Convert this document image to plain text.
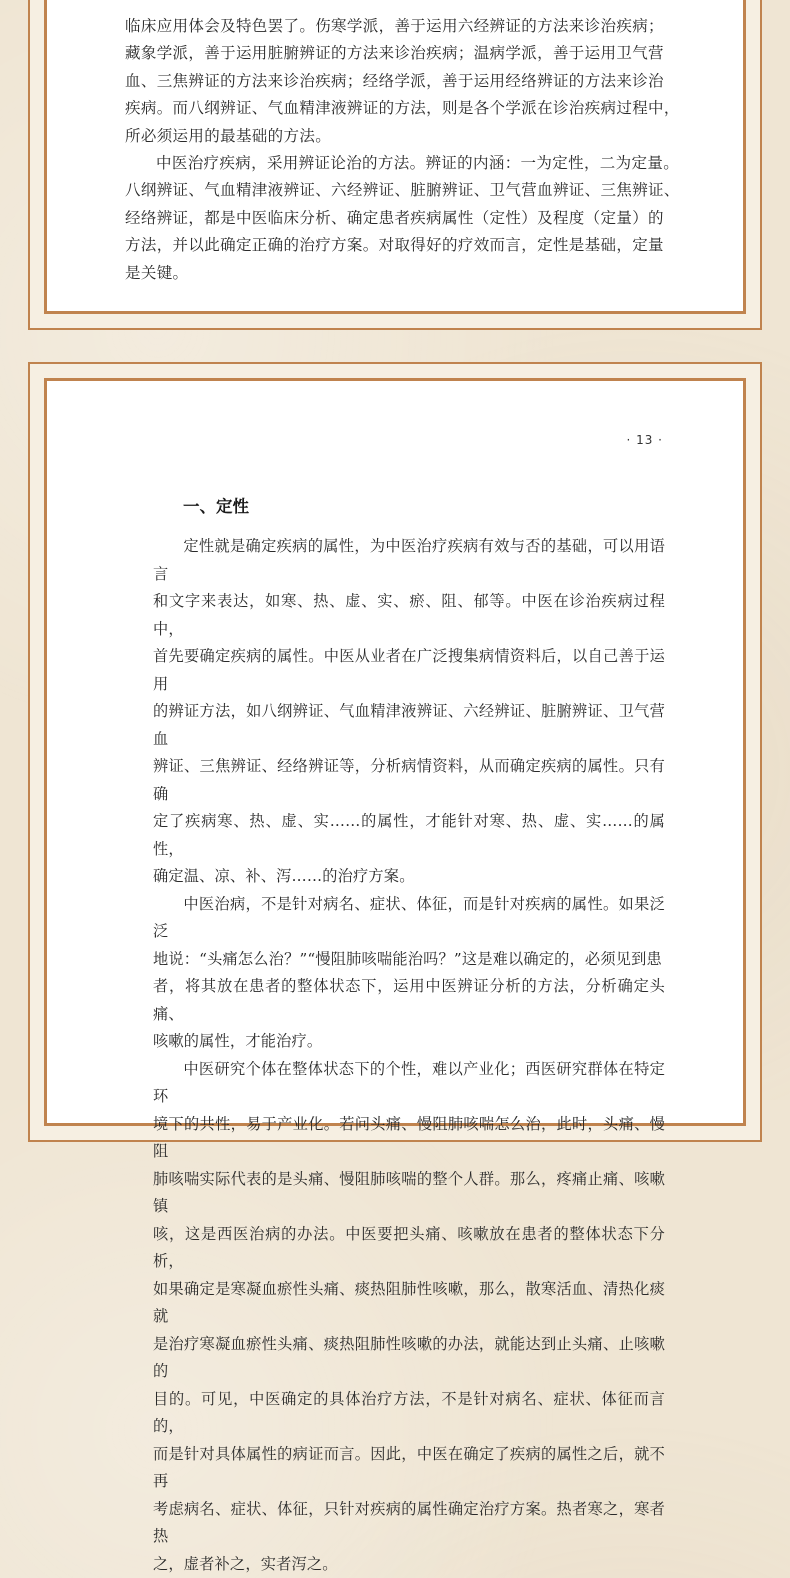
临床应用体会及特色罢了。伤寒学派，善于运用六经辨证的方法来诊治疾病；

藏象学派，善于运用脏腑辨证的方法来诊治疾病；温病学派，善于运用卫气营

血、三焦辨证的方法来诊治疾病；经络学派，善于运用经络辨证的方法来诊治

疾病。而八纲辨证、气血精津液辨证的方法，则是各个学派在诊治疾病过程中，

所必须运用的最基础的方法。

中医治疗疾病，采用辨证论治的方法。辨证的内涵：一为定性，二为定量。

八纲辨证、气血精津液辨证、六经辨证、脏腑辨证、卫气营血辨证、三焦辨证、

经络辨证，都是中医临床分析、确定患者疾病属性（定性）及程度（定量）的

方法，并以此确定正确的治疗方案。对取得好的疗效而言，定性是基础，定量

是关键。

· 13 ·
一、定性

定性就是确定疾病的属性，为中医治疗疾病有效与否的基础，可以用语言

和文字来表达，如寒、热、虚、实、瘀、阻、郁等。中医在诊治疾病过程中，

首先要确定疾病的属性。中医从业者在广泛搜集病情资料后，以自己善于运用

的辨证方法，如八纲辨证、气血精津液辨证、六经辨证、脏腑辨证、卫气营血

辨证、三焦辨证、经络辨证等，分析病情资料，从而确定疾病的属性。只有确

定了疾病寒、热、虚、实……的属性，才能针对寒、热、虚、实……的属性，

确定温、凉、补、泻……的治疗方案。

中医治病，不是针对病名、症状、体征，而是针对疾病的属性。如果泛泛

地说：“头痛怎么治？”“慢阻肺咳喘能治吗？”这是难以确定的，必须见到患

者，将其放在患者的整体状态下，运用中医辨证分析的方法，分析确定头痛、

咳嗽的属性，才能治疗。

中医研究个体在整体状态下的个性，难以产业化；西医研究群体在特定环

境下的共性，易于产业化。若问头痛、慢阻肺咳喘怎么治，此时，头痛、慢阻

肺咳喘实际代表的是头痛、慢阻肺咳喘的整个人群。那么，疼痛止痛、咳嗽镇

咳，这是西医治病的办法。中医要把头痛、咳嗽放在患者的整体状态下分析，

如果确定是寒凝血瘀性头痛、痰热阻肺性咳嗽，那么，散寒活血、清热化痰就

是治疗寒凝血瘀性头痛、痰热阻肺性咳嗽的办法，就能达到止头痛、止咳嗽的

目的。可见，中医确定的具体治疗方法，不是针对病名、症状、体征而言的，

而是针对具体属性的病证而言。因此，中医在确定了疾病的属性之后，就不再

考虑病名、症状、体征，只针对疾病的属性确定治疗方案。热者寒之，寒者热

之，虚者补之，实者泻之。
